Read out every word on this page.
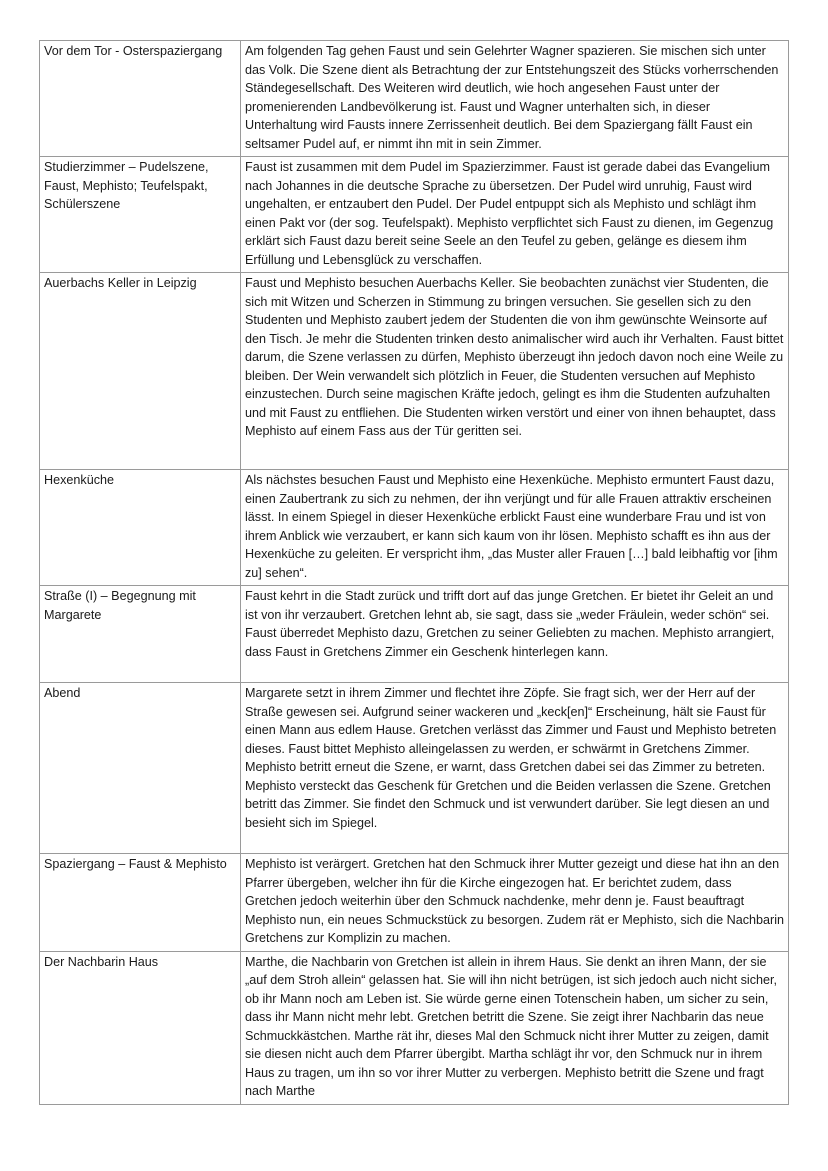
Vor dem Tor - Osterspaziergang	Am folgenden Tag gehen Faust und sein Gelehrter Wagner spazieren. Sie mischen sich unter das Volk. Die Szene dient als Betrachtung der zur Entstehungszeit des Stücks vorherrschenden Ständegesellschaft. Des Weiteren wird deutlich, wie hoch angesehen Faust unter der promenierenden Landbevölkerung ist. Faust und Wagner unterhalten sich, in dieser Unterhaltung wird Fausts innere Zerrissenheit deutlich. Bei dem Spaziergang fällt Faust ein seltsamer Pudel auf, er nimmt ihn mit in sein Zimmer.
Studierzimmer – Pudelszene, Faust, Mephisto; Teufelspakt, Schülerszene	Faust ist zusammen mit dem Pudel im Spazierzimmer. Faust ist gerade dabei das Evangelium nach Johannes in die deutsche Sprache zu übersetzen. Der Pudel wird unruhig, Faust wird ungehalten, er entzaubert den Pudel. Der Pudel entpuppt sich als Mephisto und schlägt ihm einen Pakt vor (der sog. Teufelspakt). Mephisto verpflichtet sich Faust zu dienen, im Gegenzug erklärt sich Faust dazu bereit seine Seele an den Teufel zu geben, gelänge es diesem ihm Erfüllung und Lebensglück zu verschaffen.
Auerbachs Keller in Leipzig	Faust und Mephisto besuchen Auerbachs Keller. Sie beobachten zunächst vier Studenten, die sich mit Witzen und Scherzen in Stimmung zu bringen versuchen. Sie gesellen sich zu den Studenten und Mephisto zaubert jedem der Studenten die von ihm gewünschte Weinsorte auf den Tisch. Je mehr die Studenten trinken desto animalischer wird auch ihr Verhalten. Faust bittet darum, die Szene verlassen zu dürfen, Mephisto überzeugt ihn jedoch davon noch eine Weile zu bleiben. Der Wein verwandelt sich plötzlich in Feuer, die Studenten versuchen auf Mephisto einzustechen. Durch seine magischen Kräfte jedoch, gelingt es ihm die Studenten aufzuhalten und mit Faust zu entfliehen. Die Studenten wirken verstört und einer von ihnen behauptet, dass Mephisto auf einem Fass aus der Tür geritten sei.
Hexenküche	Als nächstes besuchen Faust und Mephisto eine Hexenküche. Mephisto ermuntert Faust dazu, einen Zaubertrank zu sich zu nehmen, der ihn verjüngt und für alle Frauen attraktiv erscheinen lässt. In einem Spiegel in dieser Hexenküche erblickt Faust eine wunderbare Frau und ist von ihrem Anblick wie verzaubert, er kann sich kaum von ihr lösen. Mephisto schafft es ihn aus der Hexenküche zu geleiten. Er verspricht ihm, „das Muster aller Frauen […] bald leibhaftig vor [ihm zu] sehen“.
Straße (I) – Begegnung mit Margarete	Faust kehrt in die Stadt zurück und trifft dort auf das junge Gretchen. Er bietet ihr Geleit an und ist von ihr verzaubert. Gretchen lehnt ab, sie sagt, dass sie „weder Fräulein, weder schön“ sei. Faust überredet Mephisto dazu, Gretchen zu seiner Geliebten zu machen. Mephisto arrangiert, dass Faust in Gretchens Zimmer ein Geschenk hinterlegen kann.
Abend	Margarete setzt in ihrem Zimmer und flechtet ihre Zöpfe. Sie fragt sich, wer der Herr auf der Straße gewesen sei. Aufgrund seiner wackeren und „keck[en]“ Erscheinung, hält sie Faust für einen Mann aus edlem Hause. Gretchen verlässt das Zimmer und Faust und Mephisto betreten dieses. Faust bittet Mephisto alleingelassen zu werden, er schwärmt in Gretchens Zimmer. Mephisto betritt erneut die Szene, er warnt, dass Gretchen dabei sei das Zimmer zu betreten. Mephisto versteckt das Geschenk für Gretchen und die Beiden verlassen die Szene. Gretchen betritt das Zimmer. Sie findet den Schmuck und ist verwundert darüber. Sie legt diesen an und besieht sich im Spiegel.
Spaziergang – Faust & Mephisto	Mephisto ist verärgert. Gretchen hat den Schmuck ihrer Mutter gezeigt und diese hat ihn an den Pfarrer übergeben, welcher ihn für die Kirche eingezogen hat. Er berichtet zudem, dass Gretchen jedoch weiterhin über den Schmuck nachdenke, mehr denn je. Faust beauftragt Mephisto nun, ein neues Schmuckstück zu besorgen. Zudem rät er Mephisto, sich die Nachbarin Gretchens zur Komplizin zu machen.
Der Nachbarin Haus	Marthe, die Nachbarin von Gretchen ist allein in ihrem Haus. Sie denkt an ihren Mann, der sie „auf dem Stroh allein“ gelassen hat. Sie will ihn nicht betrügen, ist sich jedoch auch nicht sicher, ob ihr Mann noch am Leben ist. Sie würde gerne einen Totenschein haben, um sicher zu sein, dass ihr Mann nicht mehr lebt. Gretchen betritt die Szene. Sie zeigt ihrer Nachbarin das neue Schmuckkästchen. Marthe rät ihr, dieses Mal den Schmuck nicht ihrer Mutter zu zeigen, damit sie diesen nicht auch dem Pfarrer übergibt. Martha schlägt ihr vor, den Schmuck nur in ihrem Haus zu tragen, um ihn so vor ihrer Mutter zu verbergen. Mephisto betritt die Szene und fragt nach Marthe
